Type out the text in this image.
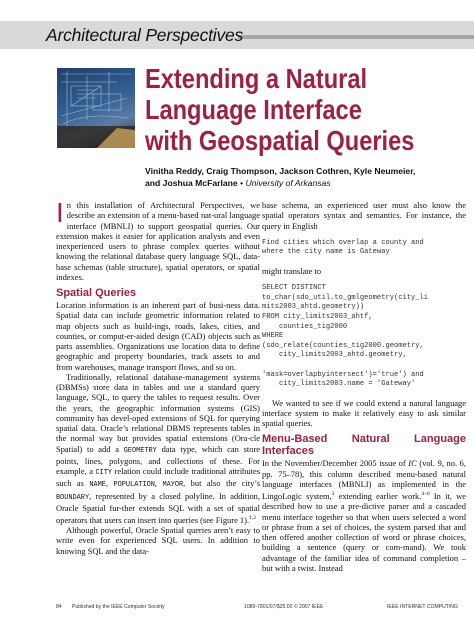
Architectural Perspectives
Extending a Natural
Language Interface
with Geospatial Queries
Vinitha Reddy, Craig Thompson, Jackson Cothren, Kyle Neumeier,
and Joshua McFarlane • University of Arkansas
I n this installation of Architectural Perspectives, we describe an extension of a menu-based nat-ural language interface (MBNLI) to support geospatial queries. Our extension makes it easier for application analysts and even inexperienced users to phrase complex queries without knowing the relational database query language SQL, data-base schemas (table structure), spatial operators, or spatial indexes.

Spatial Queries

Location information is an inherent part of busi-ness data. Spatial data can include geometric information related to map objects such as build-ings, roads, lakes, cities, and counties, or comput-er-aided design (CAD) objects such as parts assemblies. Organizations use location data to define geographic and property boundaries, track assets to and from warehouses, manage transport flows, and so on.

Traditionally, relational database-management systems (DBMSs) store data in tables and use a standard query language, SQL, to query the tables to request results. Over the years, the geographic information systems (GIS) community has devel-oped extensions of SQL for querying spatial data. Oracle’s relational DBMS represents tables in the normal way but provides spatial extensions (Ora-cle Spatial) to add a GEOMETRY data type, which can store points, lines, polygons, and collections of these. For example, a CITY relation could include traditional attributes such as NAME, POPULATION, MAYOR, but also the city’s BOUNDARY, represented by a closed polyline. In addition, Oracle Spatial fur-ther extends SQL with a set of spatial operators that users can insert into queries (see Figure 1).$^{1,2}$

Although powerful, Oracle Spatial queries aren’t easy to write even for experienced SQL users. In addition to knowing SQL and the data-

base schema, an experienced user must also know the spatial operators syntax and semantics. For instance, the query in English

Find cities which overlap a county and
where the city name is Gateway

might translate to

SELECT DISTINCT
to_char(sdo_util.to_gmlgeometry(city_li
mits2003_ahtd.geometry))
FROM city_limits2003_ahtf,
counties_tig2000
WHERE
(sdo_relate(counties_tig2000.geometry,
city_limits2003_ahtd.geometry,

'mask=overlapbyintersect')='true') and
city_limits2003.name = 'Gateway'

We wanted to see if we could extend a natural language interface system to make it relatively easy to ask similar spatial queries.

Menu-Based Natural Language Interfaces

In the November/December 2005 issue of IC (vol. 9, no. 6, pp. 75–78), this column described menu-based natural language interfaces (MBNLI) as implemented in the LingoLogic system,$^3$ extending earlier work.$^{4-6}$ In it, we described how to use a pre-dictive parser and a cascaded menu interface together so that when users selected a word or phrase from a set of choices, the system parsed that and then offered another collection of word or phrase choices, building a sentence (query or com-mand). We took advantage of the familiar idea of command completion – but with a twist. Instead

84 Published by the IEEE Computer Society	1089-7801/07/$25.00 © 2007 IEEE	IEEE INTERNET COMPUTING
